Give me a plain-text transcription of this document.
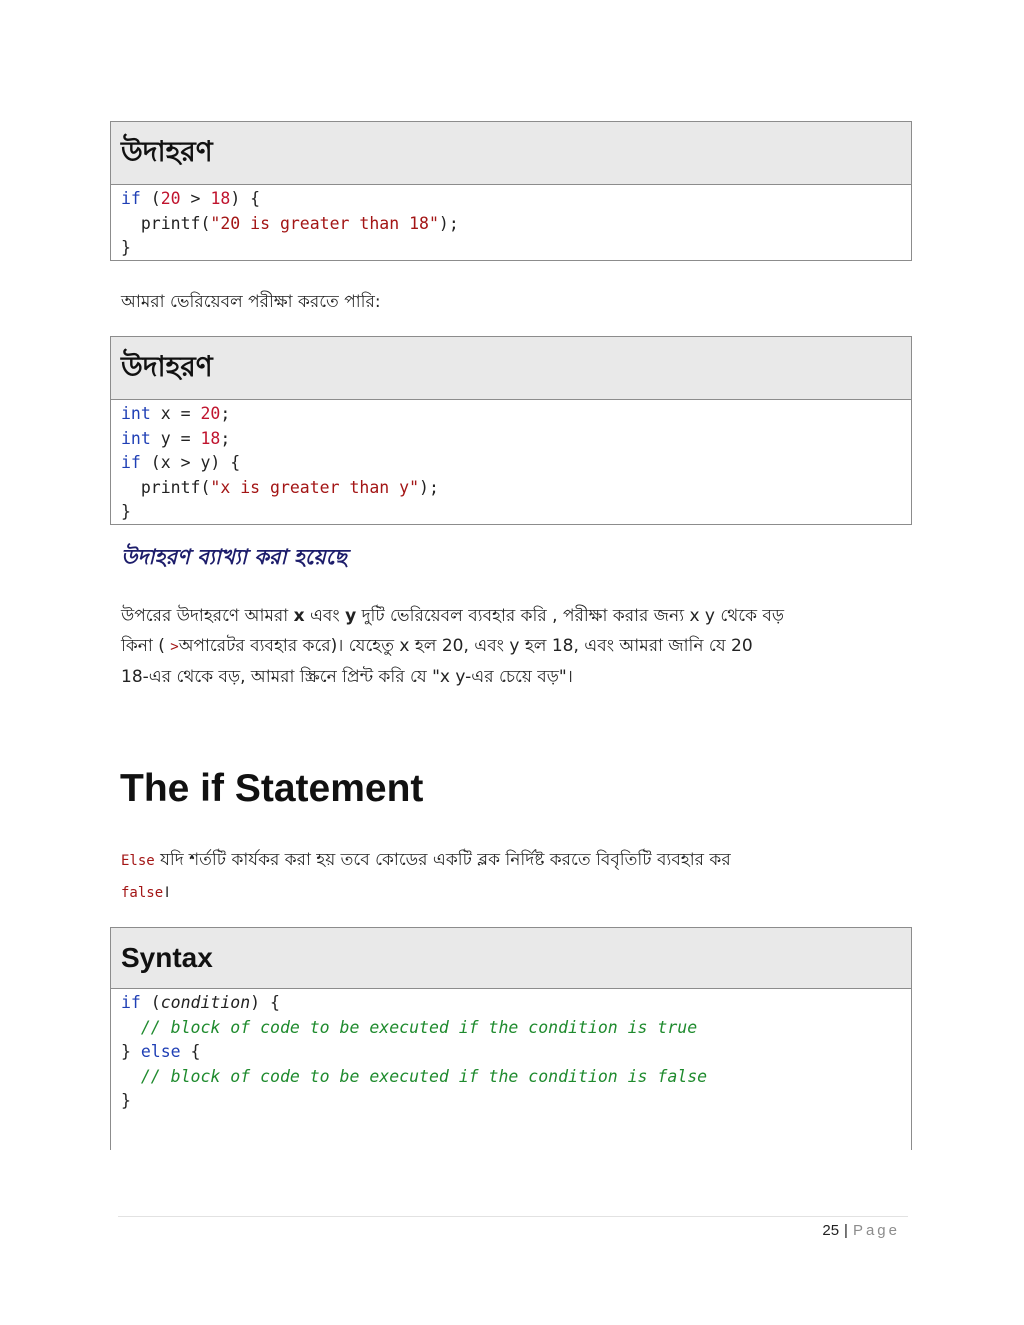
উদাহরণ
if (20 > 18) {
printf("20 is greater than 18");
}
আমরা ভেরিয়েবল পরীক্ষা করতে পারি:
উদাহরণ
int x = 20;
int y = 18;
if (x > y) {
printf("x is greater than y");
}
উদাহরণ ব্যাখ্যা করা হয়েছে
উপরের উদাহরণে আমরা x এবং y দুটি ভেরিয়েবল ব্যবহার করি , পরীক্ষা করার জন্য x y থেকে বড়
কিনা ( >অপারেটর ব্যবহার করে)। যেহেতু x হল 20, এবং y হল 18, এবং আমরা জানি যে 20
18-এর থেকে বড়, আমরা স্ক্রিনে প্রিন্ট করি যে "x y-এর চেয়ে বড়"।
The if Statement
Else যদি শর্তটি কার্যকর করা হয় তবে কোডের একটি ব্লক নির্দিষ্ট করতে বিবৃতিটি ব্যবহার কর
false।
Syntax
if (condition) {
// block of code to be executed if the condition is true
} else {
// block of code to be executed if the condition is false
}
25 | Page
